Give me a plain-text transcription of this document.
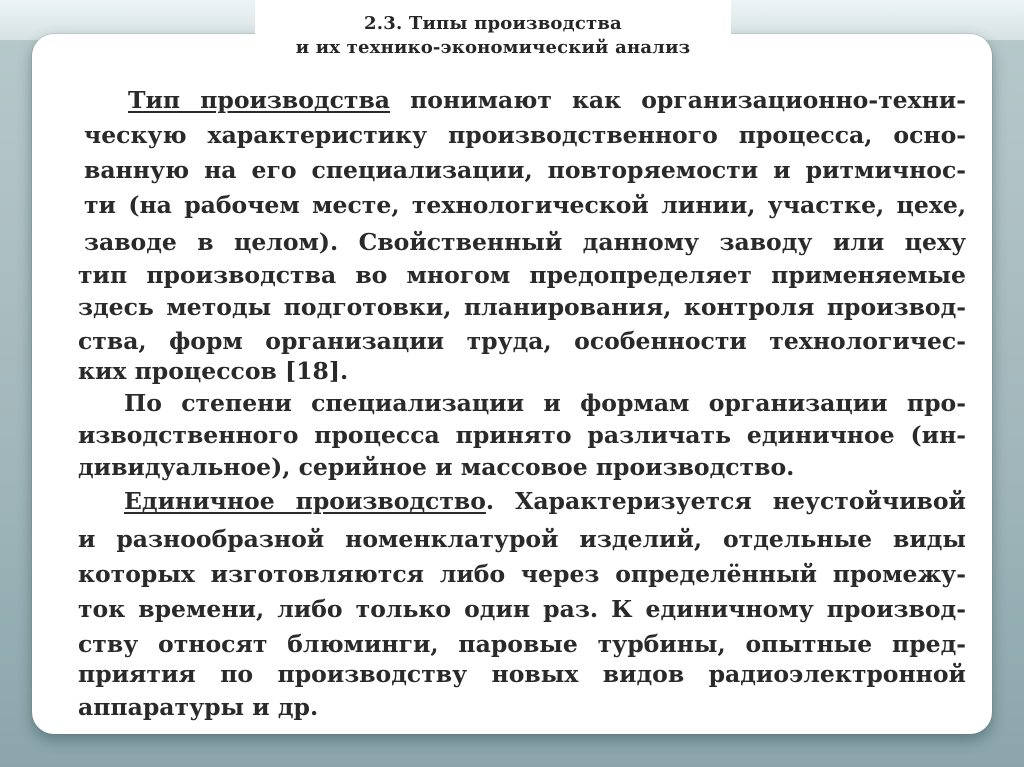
2.3. Типы производства
и их технико-экономический анализ
Тип производства понимают как организационно-техни-
ческую характеристику производственного процесса, осно-
ванную на его специализации, повторяемости и ритмичнос-
ти (на рабочем месте, технологической линии, участке, цехе,
заводе в целом). Свойственный данному заводу или цеху
тип производства во многом предопределяет применяемые
здесь методы подготовки, планирования, контроля производ-
ства, форм организации труда, особенности технологичес-
ких процессов [18].
По степени специализации и формам организации про-
изводственного процесса принято различать единичное (ин-
дивидуальное), серийное и массовое производство.
Единичное производство. Характеризуется неустойчивой
и разнообразной номенклатурой изделий, отдельные виды
которых изготовляются либо через определённый промежу-
ток времени, либо только один раз. К единичному производ-
ству относят блюминги, паровые турбины, опытные пред-
приятия по производству новых видов радиоэлектронной
аппаратуры и др.
